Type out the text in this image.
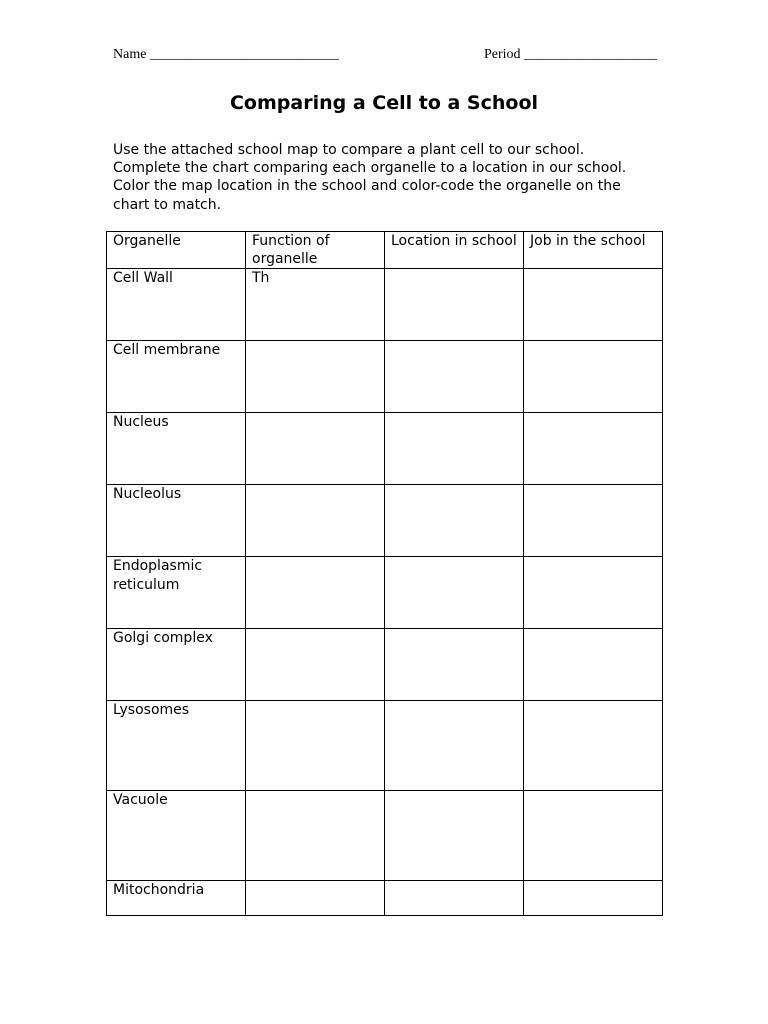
Name ___________________________	Period ___________________
Comparing a Cell to a School

Use the attached school map to compare a plant cell to our school. Complete the chart comparing each organelle to a location in our school. Color the map location in the school and color-code the organelle on the chart to match.

Organelle	Function of organelle	Location in school	Job in the school
Cell Wall	Th		
Cell membrane			
Nucleus			
Nucleolus			
Endoplasmic reticulum			
Golgi complex			
Lysosomes			
Vacuole			
Mitochondria			
